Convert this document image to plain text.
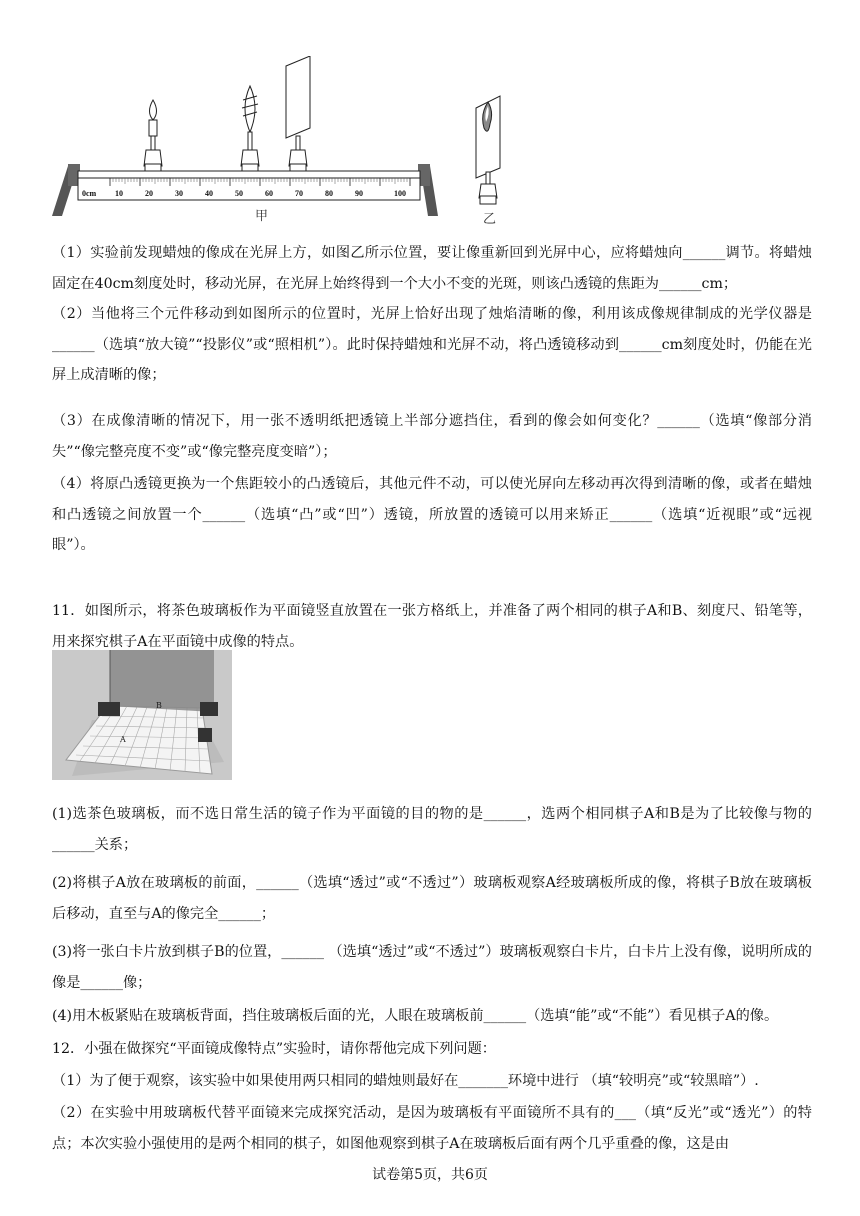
0cm 10	20	30	40	50	60	70	80	90	100
甲	乙
（1）实验前发现蜡烛的像成在光屏上方，如图乙所示位置，要让像重新回到光屏中心，应将蜡烛向______调节。将蜡烛固定在40cm刻度处时，移动光屏，在光屏上始终得到一个大小不变的光斑，则该凸透镜的焦距为______cm；
（2）当他将三个元件移动到如图所示的位置时，光屏上恰好出现了烛焰清晰的像，利用该成像规律制成的光学仪器是______（选填“放大镜”“投影仪”或“照相机”）。此时保持蜡烛和光屏不动，将凸透镜移动到______cm刻度处时，仍能在光屏上成清晰的像；
（3）在成像清晰的情况下，用一张不透明纸把透镜上半部分遮挡住，看到的像会如何变化？______（选填“像部分消失”“像完整亮度不变”或“像完整亮度变暗”）；
（4）将原凸透镜更换为一个焦距较小的凸透镜后，其他元件不动，可以使光屏向左移动再次得到清晰的像，或者在蜡烛和凸透镜之间放置一个______（选填“凸”或“凹”）透镜，所放置的透镜可以用来矫正______（选填“近视眼”或“远视眼”）。
11．如图所示，将茶色玻璃板作为平面镜竖直放置在一张方格纸上，并准备了两个相同的棋子A和B、刻度尺、铅笔等，用来探究棋子A在平面镜中成像的特点。
B
A
(1)选茶色玻璃板，而不选日常生活的镜子作为平面镜的目的物的是______，选两个相同棋子A和B是为了比较像与物的______关系；
(2)将棋子A放在玻璃板的前面，______（选填“透过”或“不透过”）玻璃板观察A经玻璃板所成的像，将棋子B放在玻璃板后移动，直至与A的像完全______；
(3)将一张白卡片放到棋子B的位置，______ （选填“透过”或“不透过”）玻璃板观察白卡片，白卡片上没有像，说明所成的像是______像；
(4)用木板紧贴在玻璃板背面，挡住玻璃板后面的光，人眼在玻璃板前______（选填“能”或“不能”）看见棋子A的像。
12．小强在做探究“平面镜成像特点”实验时，请你帮他完成下列问题：
（1）为了便于观察，该实验中如果使用两只相同的蜡烛则最好在_______环境中进行 （填“较明亮”或“较黑暗”）.
（2）在实验中用玻璃板代替平面镜来完成探究活动，是因为玻璃板有平面镜所不具有的___（填“反光”或“透光”）的特点；本次实验小强使用的是两个相同的棋子，如图他观察到棋子A在玻璃板后面有两个几乎重叠的像，这是由
试卷第5页，共6页
